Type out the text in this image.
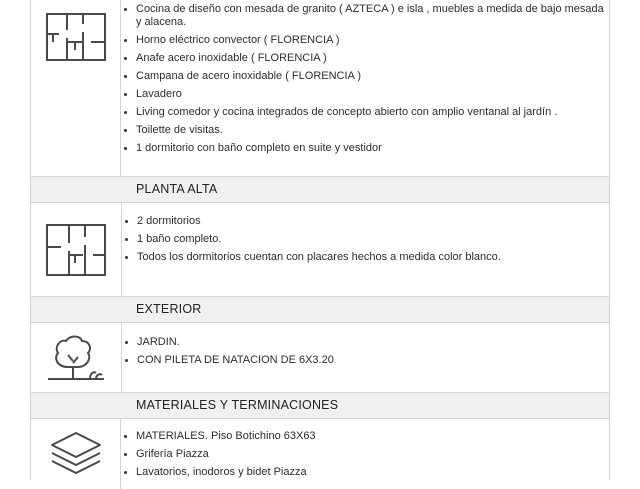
Cocina de diseño con mesada de granito ( AZTECA ) e isla , muebles a medida de bajo mesada y alacena.
Horno eléctrico convector ( FLORENCIA )
Anafe acero inoxidable ( FLORENCIA )
Campana de acero inoxidable ( FLORENCIA )
Lavadero
Living comedor y cocina integrados de concepto abierto con amplio ventanal al jardín .
Toilette de visitas.
1 dormitorio con baño completo en suite y vestidor
PLANTA ALTA
2 dormitorios
1 baño completo.
Todos los dormitorios cuentan con placares hechos a medida color blanco.
EXTERIOR
JARDIN.
CON PILETA DE NATACION DE 6X3.20
MATERIALES Y TERMINACIONES
MATERIALES. Piso Botichino 63X63
Grifería Piazza
Lavatorios, inodoros y bidet Piazza
